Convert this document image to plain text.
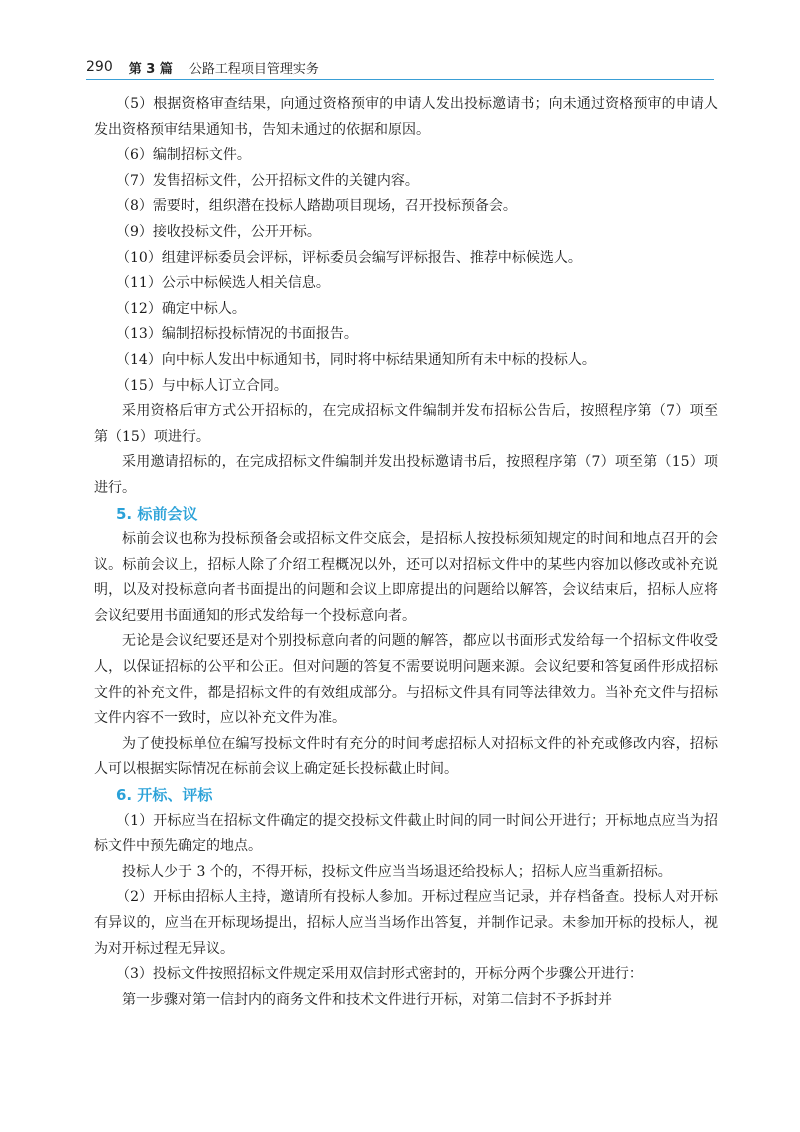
290 第 3 篇 公路工程项目管理实务

（5）根据资格审查结果，向通过资格预审的申请人发出投标邀请书；向未通过资格预审的申请人发出资格预审结果通知书，告知未通过的依据和原因。

（6）编制招标文件。

（7）发售招标文件，公开招标文件的关键内容。

（8）需要时，组织潜在投标人踏勘项目现场，召开投标预备会。

（9）接收投标文件，公开开标。

（10）组建评标委员会评标，评标委员会编写评标报告、推荐中标候选人。

（11）公示中标候选人相关信息。

（12）确定中标人。

（13）编制招标投标情况的书面报告。

（14）向中标人发出中标通知书，同时将中标结果通知所有未中标的投标人。

（15）与中标人订立合同。

采用资格后审方式公开招标的，在完成招标文件编制并发布招标公告后，按照程序第（7）项至第（15）项进行。

采用邀请招标的，在完成招标文件编制并发出投标邀请书后，按照程序第（7）项至第（15）项进行。

5. 标前会议

标前会议也称为投标预备会或招标文件交底会，是招标人按投标须知规定的时间和地点召开的会议。标前会议上，招标人除了介绍工程概况以外，还可以对招标文件中的某些内容加以修改或补充说明，以及对投标意向者书面提出的问题和会议上即席提出的问题给以解答，会议结束后，招标人应将会议纪要用书面通知的形式发给每一个投标意向者。

无论是会议纪要还是对个别投标意向者的问题的解答，都应以书面形式发给每一个招标文件收受人，以保证招标的公平和公正。但对问题的答复不需要说明问题来源。会议纪要和答复函件形成招标文件的补充文件，都是招标文件的有效组成部分。与招标文件具有同等法律效力。当补充文件与招标文件内容不一致时，应以补充文件为准。

为了使投标单位在编写投标文件时有充分的时间考虑招标人对招标文件的补充或修改内容，招标人可以根据实际情况在标前会议上确定延长投标截止时间。

6. 开标、评标

（1）开标应当在招标文件确定的提交投标文件截止时间的同一时间公开进行；开标地点应当为招标文件中预先确定的地点。

投标人少于 3 个的，不得开标，投标文件应当当场退还给投标人；招标人应当重新招标。

（2）开标由招标人主持，邀请所有投标人参加。开标过程应当记录，并存档备查。投标人对开标有异议的，应当在开标现场提出，招标人应当当场作出答复，并制作记录。未参加开标的投标人，视为对开标过程无异议。

（3）投标文件按照招标文件规定采用双信封形式密封的，开标分两个步骤公开进行：

第一步骤对第一信封内的商务文件和技术文件进行开标，对第二信封不予拆封并
